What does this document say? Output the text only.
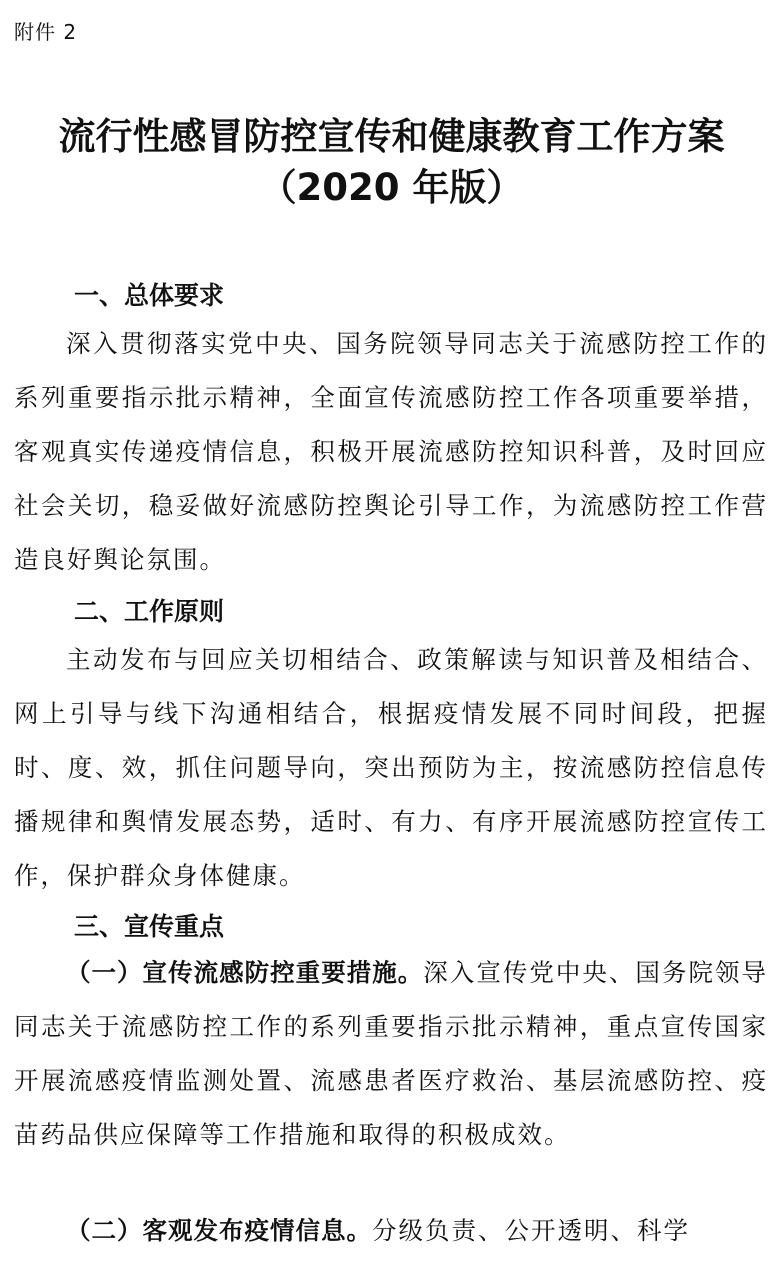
附件 2
流行性感冒防控宣传和健康教育工作方案
（2020 年版）
一、总体要求
深入贯彻落实党中央、国务院领导同志关于流感防控工作的系列重要指示批示精神，全面宣传流感防控工作各项重要举措，客观真实传递疫情信息，积极开展流感防控知识科普，及时回应社会关切，稳妥做好流感防控舆论引导工作，为流感防控工作营造良好舆论氛围。
二、工作原则
主动发布与回应关切相结合、政策解读与知识普及相结合、网上引导与线下沟通相结合，根据疫情发展不同时间段，把握时、度、效，抓住问题导向，突出预防为主，按流感防控信息传播规律和舆情发展态势，适时、有力、有序开展流感防控宣传工作，保护群众身体健康。
三、宣传重点
（一）宣传流感防控重要措施。深入宣传党中央、国务院领导同志关于流感防控工作的系列重要指示批示精神，重点宣传国家开展流感疫情监测处置、流感患者医疗救治、基层流感防控、疫苗药品供应保障等工作措施和取得的积极成效。
（二）客观发布疫情信息。分级负责、公开透明、科学
